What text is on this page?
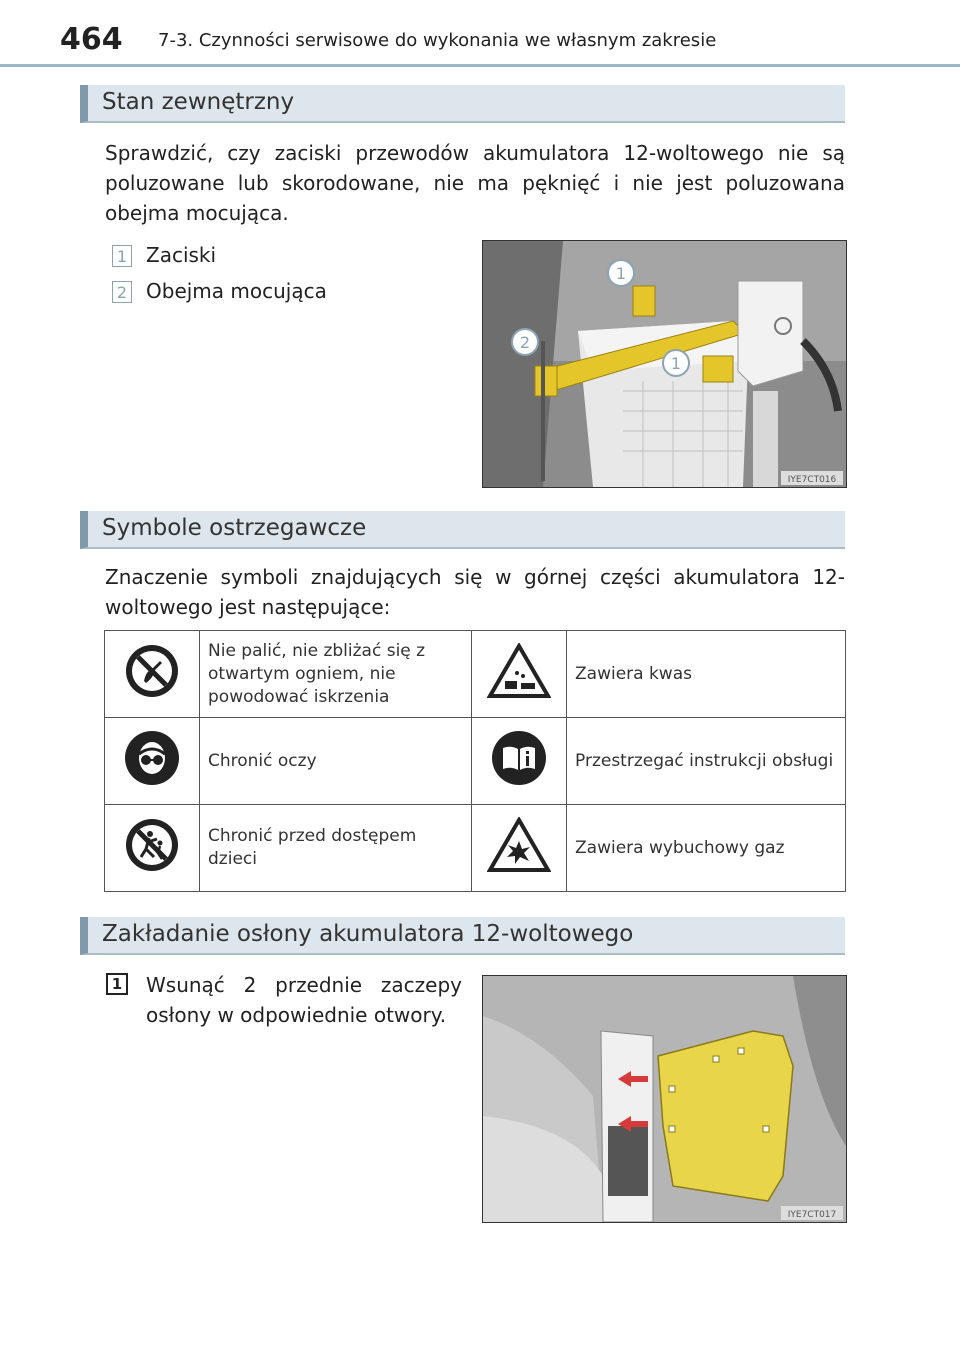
464 7-3. Czynności serwisowe do wykonania we własnym zakresie
Stan zewnętrzny
Sprawdzić, czy zaciski przewodów akumulatora 12-woltowego nie są poluzowane lub skorodowane, nie ma pęknięć i nie jest poluzowana obejma mocująca.
1 Zaciski
2 Obejma mocująca
1
2
1
IYE7CT016
Symbole ostrzegawcze
Znaczenie symboli znajdujących się w górnej części akumulatora 12-woltowego jest następujące:
	Nie palić, nie zbliżać się z otwartym ogniem, nie powodować iskrzenia		Zawiera kwas
	Chronić oczy		Przestrzegać instrukcji obsługi
	Chronić przed dostępem dzieci		Zawiera wybuchowy gaz
Zakładanie osłony akumulatora 12-woltowego
1 Wsunąć 2 przednie zaczepy osłony w odpowiednie otwory.
IYE7CT017
